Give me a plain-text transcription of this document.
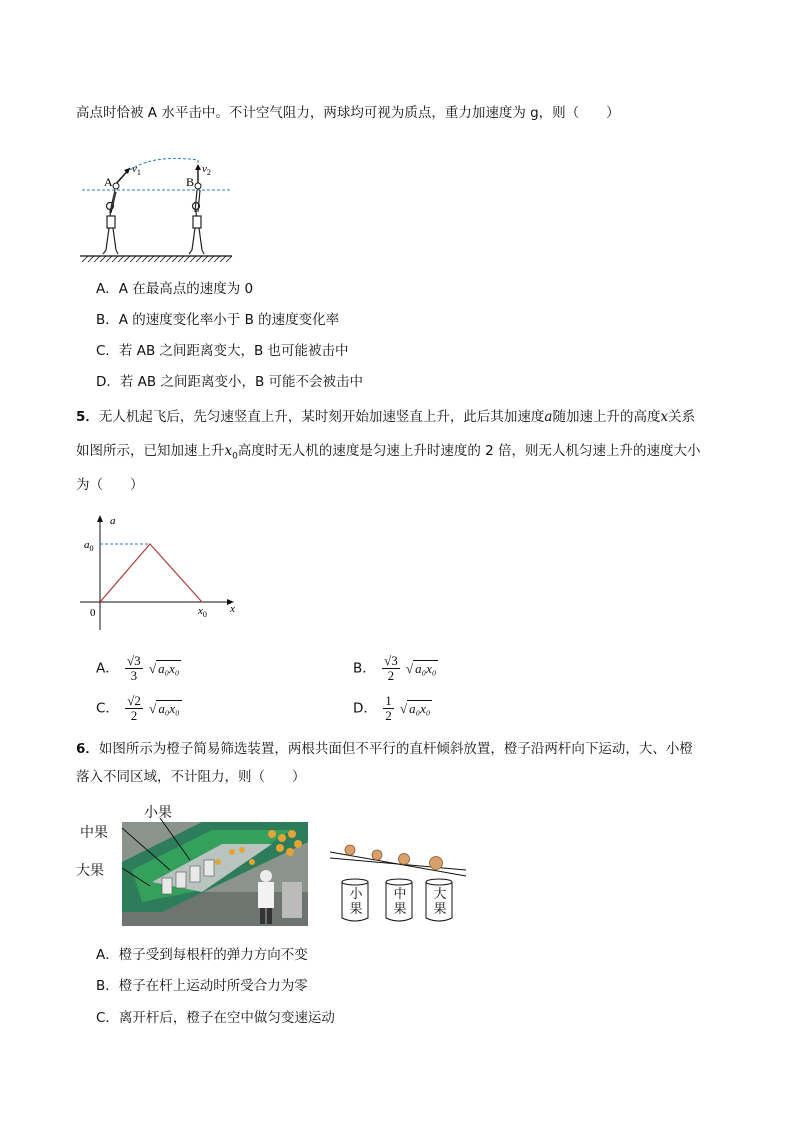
高点时恰被 A 水平击中。不计空气阻力，两球均可视为质点，重力加速度为 g，则（　　）
A	B
$v_1$	$v_2$
A．A 在最高点的速度为 0
B．A 的速度变化率小于 B 的速度变化率
C．若 AB 之间距离变大，B 也可能被击中
D．若 AB 之间距离变小，B 可能不会被击中
5．无人机起飞后，先匀速竖直上升，某时刻开始加速竖直上升，此后其加速度a随加速上升的高度x关系
如图所示，已知加速上升$x_0$高度时无人机的速度是匀速上升时速度的 2 倍，则无人机匀速上升的速度大小
为（　　）
a
x
$a_0$
0	$x_0$
A． $\frac{√3}{3}$ √ a₀x₀	B． $\frac{√3}{2}$ √ a₀x₀
C． $\frac{√2}{2}$ √ a₀x₀	D． $\frac{1}{2}$ √ a₀x₀
6．如图所示为橙子简易筛选装置，两根共面但不平行的直杆倾斜放置，橙子沿两杆向下运动，大、小橙
落入不同区域，不计阻力，则（　　）
小果
中果
大果
小
果
中
果
大
果
A．橙子受到每根杆的弹力方向不变
B．橙子在杆上运动时所受合力为零
C．离开杆后，橙子在空中做匀变速运动
